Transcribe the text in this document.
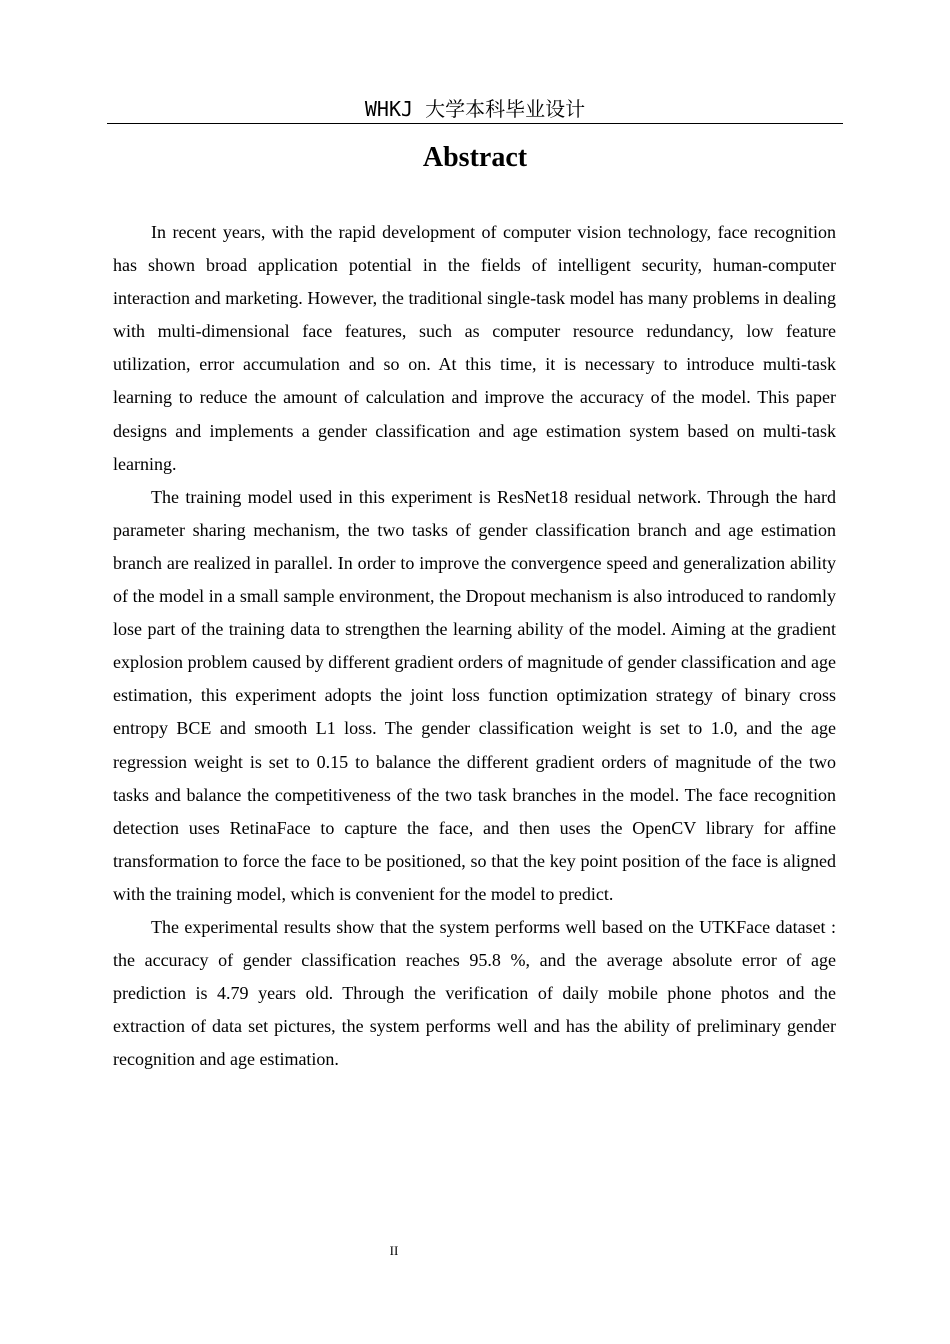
WHKJ 大学本科毕业设计
Abstract

In recent years, with the rapid development of computer vision technology, face recognition has shown broad application potential in the fields of intelligent security, human-computer interaction and marketing. However, the traditional single-task model has many problems in dealing with multi-dimensional face features, such as computer resource redundancy, low feature utilization, error accumulation and so on. At this time, it is necessary to introduce multi-task learning to reduce the amount of calculation and improve the accuracy of the model. This paper designs and implements a gender classification and age estimation system based on multi-task learning.

The training model used in this experiment is ResNet18 residual network. Through the hard parameter sharing mechanism, the two tasks of gender classification branch and age estimation branch are realized in parallel. In order to improve the convergence speed and generalization ability of the model in a small sample environment, the Dropout mechanism is also introduced to randomly lose part of the training data to strengthen the learning ability of the model. Aiming at the gradient explosion problem caused by different gradient orders of magnitude of gender classification and age estimation, this experiment adopts the joint loss function optimization strategy of binary cross entropy BCE and smooth L1 loss. The gender classification weight is set to 1.0, and the age regression weight is set to 0.15 to balance the different gradient orders of magnitude of the two tasks and balance the competitiveness of the two task branches in the model. The face recognition detection uses RetinaFace to capture the face, and then uses the OpenCV library for affine transformation to force the face to be positioned, so that the key point position of the face is aligned with the training model, which is convenient for the model to predict.

The experimental results show that the system performs well based on the UTKFace dataset : the accuracy of gender classification reaches 95.8 %, and the average absolute error of age prediction is 4.79 years old. Through the verification of daily mobile phone photos and the extraction of data set pictures, the system performs well and has the ability of preliminary gender recognition and age estimation.

II
